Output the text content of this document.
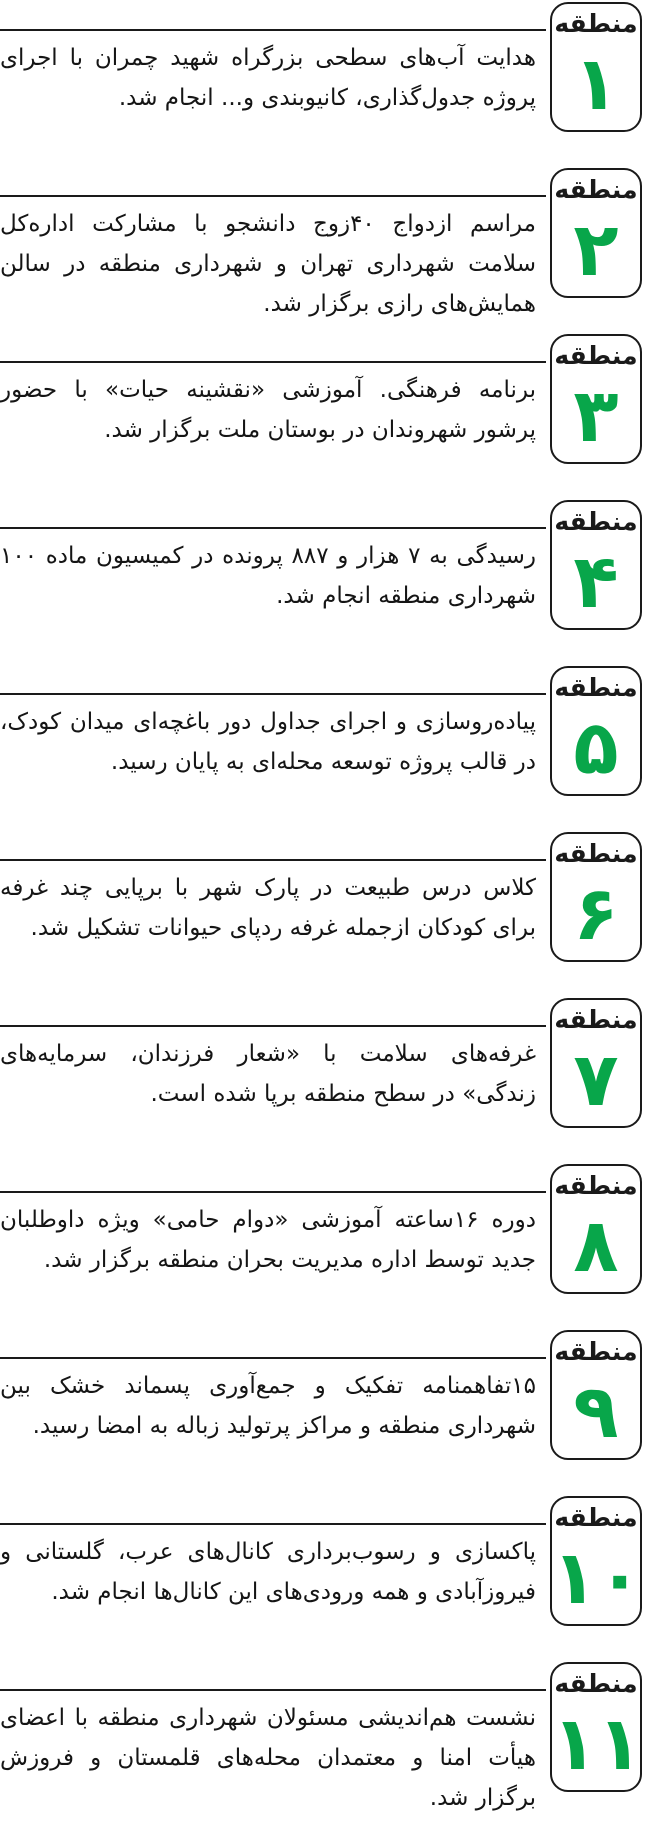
منطقه
۱
هدایت آب‌های سطحی بزرگراه شهید چمران با اجرای پروژه جدول‌گذاری، کانیوبندی و... انجام شد.
منطقه
۲
مراسم ازدواج ۴۰زوج دانشجو با مشارکت اداره‌کل سلامت شهرداری تهران و شهرداری منطقه در سالن همایش‌های رازی برگزار شد.
منطقه
۳
برنامه فرهنگی. آموزشی «نقشینه حیات» با حضور پرشور شهروندان در بوستان ملت برگزار شد.
منطقه
۴
رسیدگی به ۷ هزار و ۸۸۷ پرونده در کمیسیون ماده ۱۰۰ شهرداری منطقه انجام شد.
منطقه
۵
پیاده‌روسازی و اجرای جداول دور باغچه‌ای میدان کودک، در قالب پروژه توسعه محله‌ای به پایان رسید.
منطقه
۶
کلاس درس طبیعت در پارک شهر با برپایی چند غرفه برای کودکان ازجمله غرفه ردپای حیوانات تشکیل شد.
منطقه
۷
غرفه‌های سلامت با «شعار فرزندان، سرمایه‌های زندگی» در سطح منطقه برپا شده است.
منطقه
۸
دوره ۱۶ساعته آموزشی «دوام حامی» ویژه داوطلبان جدید توسط اداره مدیریت بحران منطقه برگزار شد.
منطقه
۹
۱۵تفاهمنامه تفکیک و جمع‌آوری پسماند خشک بین شهرداری منطقه و مراکز پرتولید زباله به امضا رسید.
منطقه
۱۰
پاکسازی و رسوب‌برداری کانال‌های عرب، گلستانی و فیروزآبادی و همه ورودی‌های این کانال‌ها انجام شد.
منطقه
۱۱
نشست هم‌اندیشی مسئولان شهرداری منطقه با اعضای هیأت امنا و معتمدان محله‌های قلمستان و فروزش برگزار شد.
